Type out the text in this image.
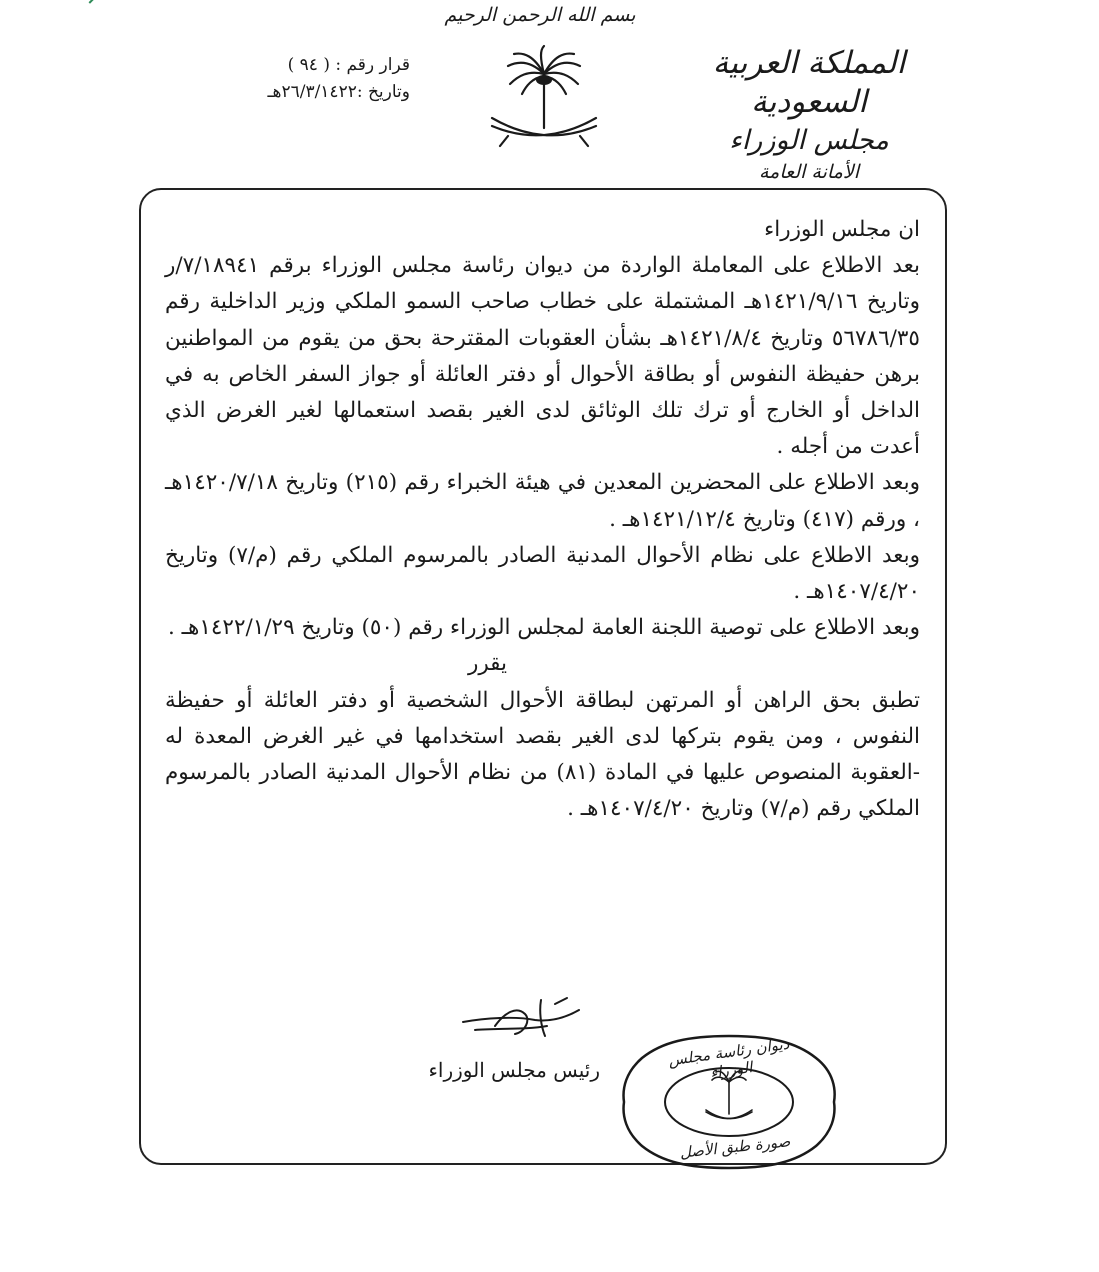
بسم الله الرحمن الرحيم
المملكة العربية السعودية
مجلس الوزراء
الأمانة العامة
قرار رقم : ( ٩٤ )
وتاريخ :٢٦/٣/١٤٢٢هـ

ان مجلس الوزراء

بعد الاطلاع على المعاملة الواردة من ديوان رئاسة مجلس الوزراء برقم ٧/١٨٩٤١/ر وتاريخ ١٤٢١/٩/١٦هـ المشتملة على خطاب صاحب السمو الملكي وزير الداخلية رقم ٥٦٧٨٦/٣٥ وتاريخ ١٤٢١/٨/٤هـ بشأن العقوبات المقترحة بحق من يقوم من المواطنين برهن حفيظة النفوس أو بطاقة الأحوال أو دفتر العائلة أو جواز السفر الخاص به في الداخل أو الخارج أو ترك تلك الوثائق لدى الغير بقصد استعمالها لغير الغرض الذي أعدت من أجله .

وبعد الاطلاع على المحضرين المعدين في هيئة الخبراء رقم (٢١٥) وتاريخ ١٤٢٠/٧/١٨هـ ، ورقم (٤١٧) وتاريخ ١٤٢١/١٢/٤هـ .

وبعد الاطلاع على نظام الأحوال المدنية الصادر بالمرسوم الملكي رقم (م/٧) وتاريخ ١٤٠٧/٤/٢٠هـ .

وبعد الاطلاع على توصية اللجنة العامة لمجلس الوزراء رقم (٥٠) وتاريخ ١٤٢٢/١/٢٩هـ .

يقرر

تطبق بحق الراهن أو المرتهن لبطاقة الأحوال الشخصية أو دفتر العائلة أو حفيظة النفوس ، ومن يقوم بتركها لدى الغير بقصد استخدامها في غير الغرض المعدة له -العقوبة المنصوص عليها في المادة (٨١) من نظام الأحوال المدنية الصادر بالمرسوم الملكي رقم (م/٧) وتاريخ ١٤٠٧/٤/٢٠هـ .

رئيس مجلس الوزراء
ديوان رئاسة مجلس الوزراء
صورة طبق الأصل
